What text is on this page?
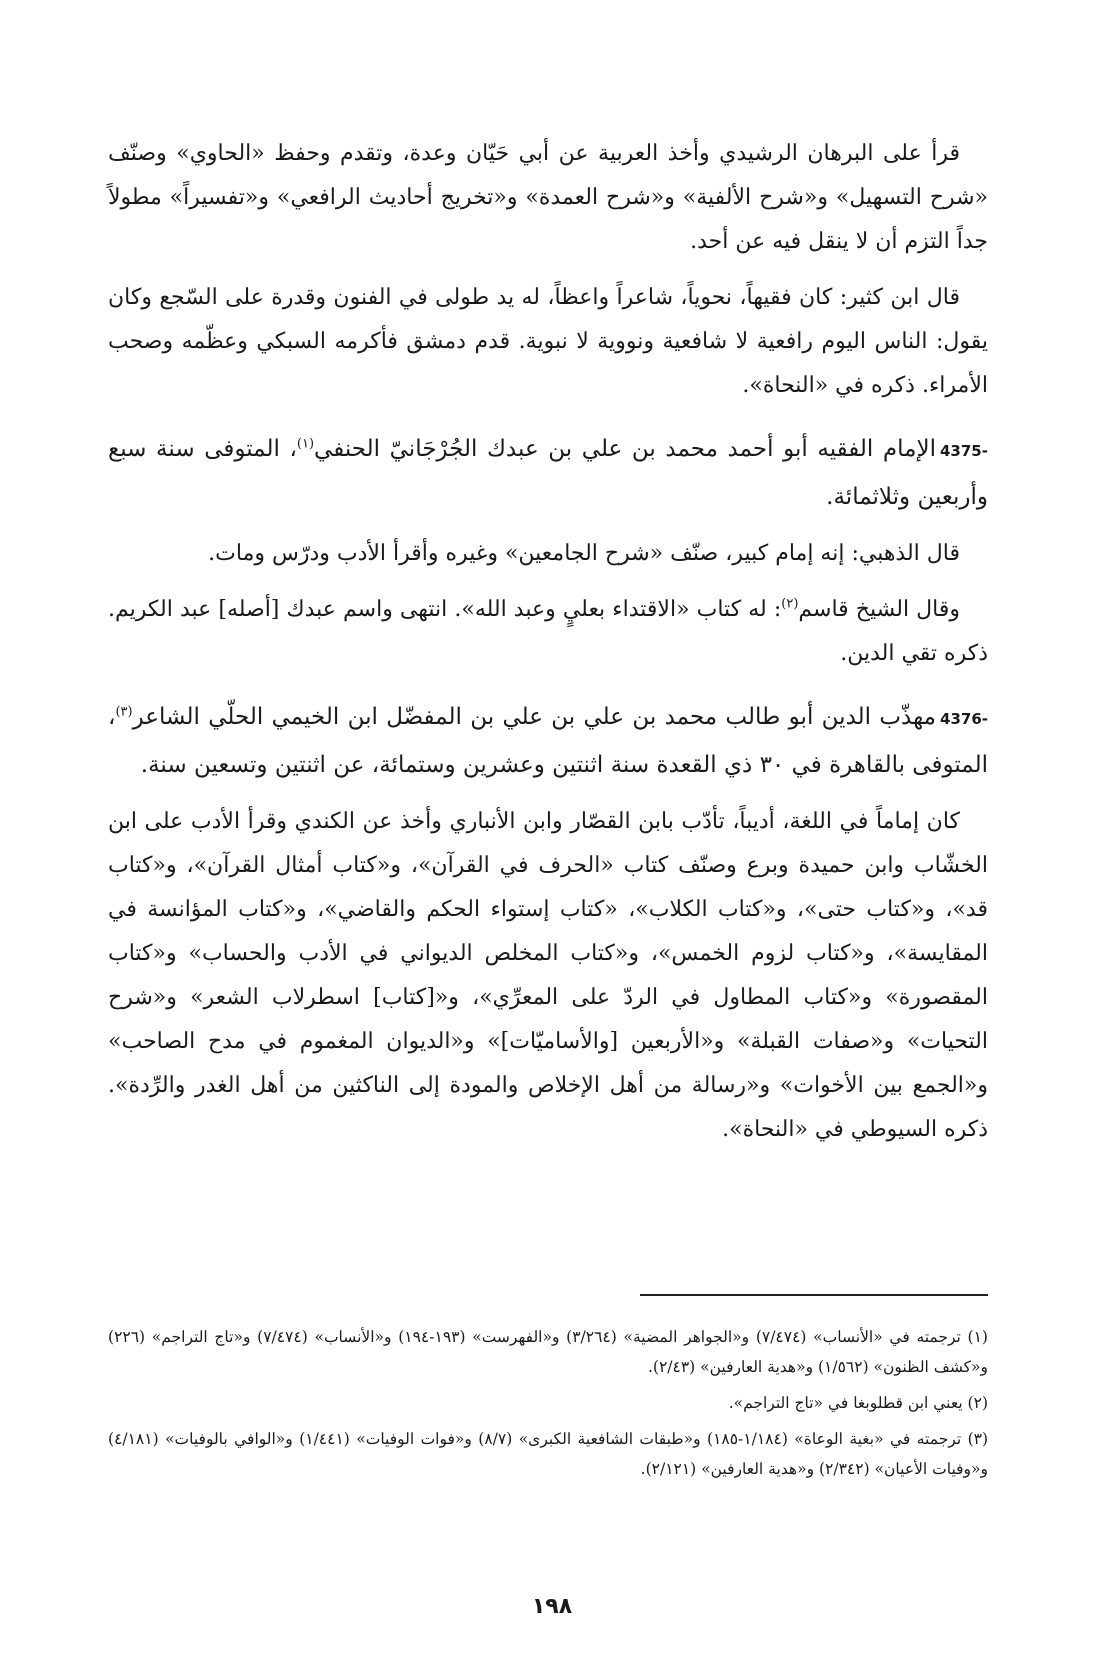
قرأ على البرهان الرشيدي وأخذ العربية عن أبي حَيّان وعدة، وتقدم وحفظ «الحاوي» وصنّف «شرح التسهيل» و«شرح الألفية» و«شرح العمدة» و«تخريج أحاديث الرافعي» و«تفسيراً» مطولاً جداً التزم أن لا ينقل فيه عن أحد.

قال ابن كثير: كان فقيهاً، نحوياً، شاعراً واعظاً، له يد طولى في الفنون وقدرة على السّجع وكان يقول: الناس اليوم رافعية لا شافعية ونووية لا نبوية. قدم دمشق فأكرمه السبكي وعظّمه وصحب الأمراء. ذكره في «النحاة».

4375-الإمام الفقيه أبو أحمد محمد بن علي بن عبدك الجُرْجَانيّ الحنفي$^{(١)}$، المتوفى سنة سبع وأربعين وثلاثمائة.

قال الذهبي: إنه إمام كبير، صنّف «شرح الجامعين» وغيره وأقرأ الأدب ودرّس ومات.

وقال الشيخ قاسم$^{(٢)}$: له كتاب «الاقتداء بعليٍ وعبد الله». انتهى واسم عبدك [أصله] عبد الكريم. ذكره تقي الدين.

4376-مهذّب الدين أبو طالب محمد بن علي بن علي بن المفضّل ابن الخيمي الحلّي الشاعر$^{(٣)}$، المتوفى بالقاهرة في ٣٠ ذي القعدة سنة اثنتين وعشرين وستمائة، عن اثنتين وتسعين سنة.

كان إماماً في اللغة، أديباً، تأدّب بابن القصّار وابن الأنباري وأخذ عن الكندي وقرأ الأدب على ابن الخشّاب وابن حميدة وبرع وصنّف كتاب «الحرف في القرآن»، و«كتاب أمثال القرآن»، و«كتاب قد»، و«كتاب حتى»، و«كتاب الكلاب»، «كتاب إستواء الحكم والقاضي»، و«كتاب المؤانسة في المقايسة»، و«كتاب لزوم الخمس»، و«كتاب المخلص الديواني في الأدب والحساب» و«كتاب المقصورة» و«كتاب المطاول في الردّ على المعرِّي»، و«[كتاب] اسطرلاب الشعر» و«شرح التحيات» و«صفات القبلة» و«الأربعين [والأساميّات]» و«الديوان المغموم في مدح الصاحب» و«الجمع بين الأخوات» و«رسالة من أهل الإخلاص والمودة إلى الناكثين من أهل الغدر والرِّدة». ذكره السيوطي في «النحاة».

(١) ترجمته في «الأنساب» (٧/٤٧٤) و«الجواهر المضية» (٣/٢٦٤) و«الفهرست» (١٩٣-١٩٤) و«الأنساب» (٧/٤٧٤) و«تاج التراجم» (٢٢٦) و«كشف الظنون» (١/٥٦٢) و«هدية العارفين» (٢/٤٣).

(٢) يعني ابن قطلوبغا في «تاج التراجم».

(٣) ترجمته في «بغية الوعاة» (١/١٨٤-١٨٥) و«طبقات الشافعية الكبرى» (٨/٧) و«فوات الوفيات» (١/٤٤١) و«الوافي بالوفيات» (٤/١٨١) و«وفيات الأعيان» (٢/٣٤٢) و«هدية العارفين» (٢/١٢١).

١٩٨
